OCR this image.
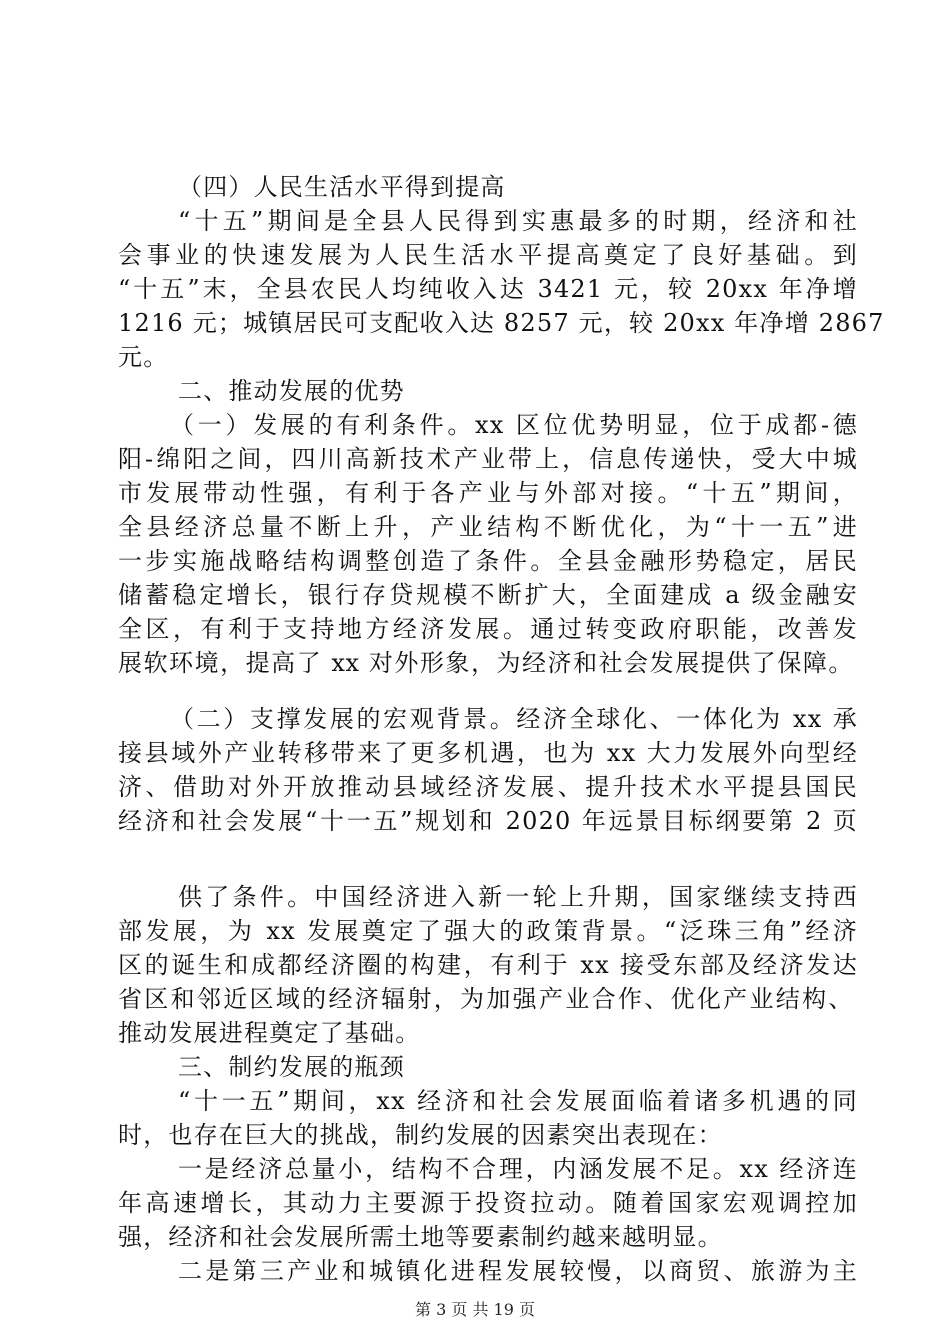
（四）人民生活水平得到提高
“十五”期间是全县人民得到实惠最多的时期，经济和社
会事业的快速发展为人民生活水平提高奠定了良好基础。到
“十五”末，全县农民人均纯收入达 3421 元，较 20xx 年净增
1216 元；城镇居民可支配收入达 8257 元，较 20xx 年净增 2867
元。
二、推动发展的优势
（一）发展的有利条件。xx 区位优势明显，位于成都-德
阳-绵阳之间，四川高新技术产业带上，信息传递快，受大中城
市发展带动性强，有利于各产业与外部对接。“十五”期间，
全县经济总量不断上升，产业结构不断优化，为“十一五”进
一步实施战略结构调整创造了条件。全县金融形势稳定，居民
储蓄稳定增长，银行存贷规模不断扩大，全面建成 a 级金融安
全区，有利于支持地方经济发展。通过转变政府职能，改善发
展软环境，提高了 xx 对外形象，为经济和社会发展提供了保障。
（二）支撑发展的宏观背景。经济全球化、一体化为 xx 承
接县域外产业转移带来了更多机遇，也为 xx 大力发展外向型经
济、借助对外开放推动县域经济发展、提升技术水平提县国民
经济和社会发展“十一五”规划和 2020 年远景目标纲要第 2 页
供了条件。中国经济进入新一轮上升期，国家继续支持西
部发展，为 xx 发展奠定了强大的政策背景。“泛珠三角”经济
区的诞生和成都经济圈的构建，有利于 xx 接受东部及经济发达
省区和邻近区域的经济辐射，为加强产业合作、优化产业结构、
推动发展进程奠定了基础。
三、制约发展的瓶颈
“十一五”期间，xx 经济和社会发展面临着诸多机遇的同
时，也存在巨大的挑战，制约发展的因素突出表现在：
一是经济总量小，结构不合理，内涵发展不足。xx 经济连
年高速增长，其动力主要源于投资拉动。随着国家宏观调控加
强，经济和社会发展所需土地等要素制约越来越明显。
二是第三产业和城镇化进程发展较慢，以商贸、旅游为主
第 3 页 共 19 页
